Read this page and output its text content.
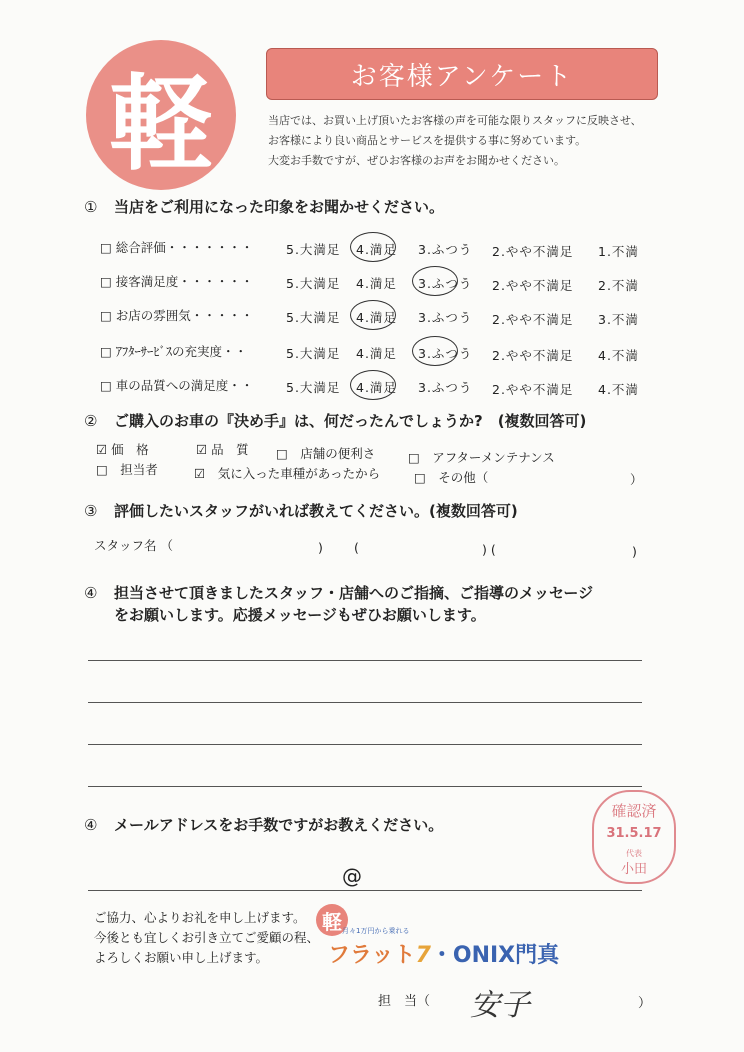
軽	お客様アンケート
当店では、お買い上げ頂いたお客様の声を可能な限りスタッフに反映させ、
お客様により良い商品とサービスを提供する事に努めています。
大変お手数ですが、ぜひお客様のお声をお聞かせください。
① 当店をご利用になった印象をお聞かせください。
□ 総合評価・・・・・・・	5.大満足 4.満足 3.ふつう 2.やや不満足 1.不満
□ 接客満足度・・・・・・	5.大満足 4.満足 3.ふつう 2.やや不満足 2.不満
□ お店の雰囲気・・・・・	5.大満足 4.満足 3.ふつう 2.やや不満足 3.不満
□ ｱﾌﾀｰｻｰﾋﾞｽの充実度・・	5.大満足 4.満足 3.ふつう 2.やや不満足 4.不満
□ 車の品質への満足度・・	5.大満足 4.満足 3.ふつう 2.やや不満足 4.不満
② ご購入のお車の『決め手』は、何だったんでしょうか?　(複数回答可)
☑ 価　格	☑ 品　質 □　店舗の便利さ	□　アフターメンテナンス
□　担当者	☑　気に入った車種があったから	□　その他（	）
③ 評価したいスタッフがいれば教えてください。(複数回答可)
スタッフ名 （	) (	) (	)
④ 担当させて頂きましたスタッフ・店舗へのご指摘、ご指導のメッセージ
をお願いします。応援メッセージもぜひお願いします。
④ メールアドレスをお手数ですがお教えください。
@
確認済
31.5.17
代表
小田
ご協力、心よりお礼を申し上げます。
今後とも宜しくお引き立てご愛顧の程、
よろしくお願い申し上げます。
軽 月々1万円から乗れる
フラット7・ONIX門真
担　当（ 安子	）
